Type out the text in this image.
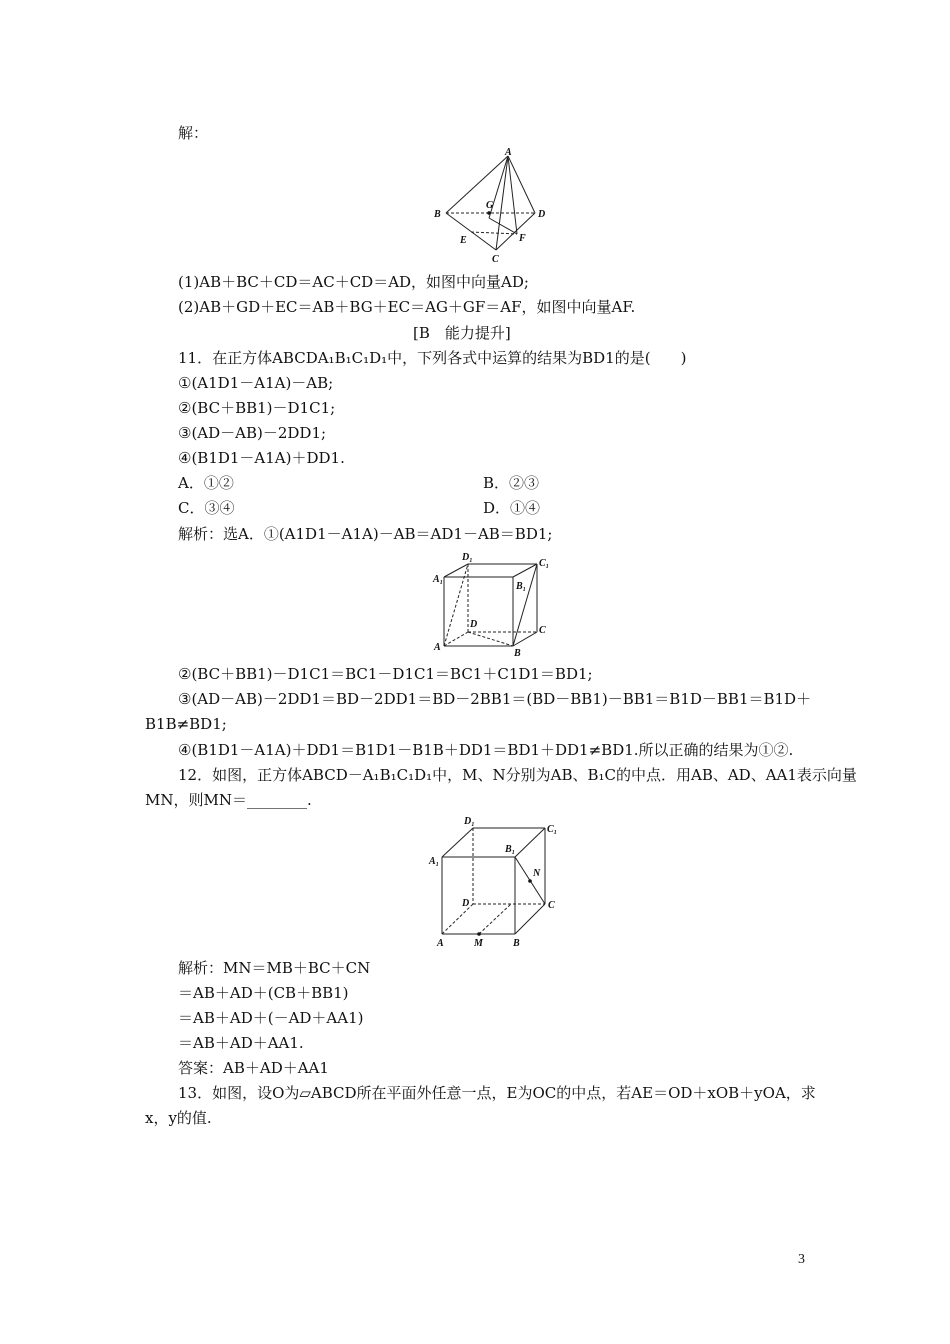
解：
A
B	D
C
E	F
G
(1)AB＋BC＋CD＝AC＋CD＝AD，如图中向量AD;
(2)AB＋GD＋EC＝AB＋BG＋EC＝AG＋GF＝AF，如图中向量AF.
[B　能力提升]
11．在正方体ABCDA₁B₁C₁D₁中，下列各式中运算的结果为BD1的是(　　)
①(A1D1－A1A)－AB;
②(BC＋BB1)－D1C1;
③(AD－AB)－2DD1;
④(B1D1－A1A)＋DD1.
A．①②	B．②③
C．③④	D．①④
解析：选A．①(A1D1－A1A)－AB＝AD1－AB＝BD1;
D₁
C₁
A₁
B₁
D
C
A
B
②(BC＋BB1)－D1C1＝BC1－D1C1＝BC1＋C1D1＝BD1;
③(AD－AB)－2DD1＝BD－2DD1＝BD－2BB1＝(BD－BB1)－BB1＝B1D－BB1＝B1D＋
B1B≠BD1;
④(B1D1－A1A)＋DD1＝B1D1－B1B＋DD1＝BD1＋DD1≠BD1.所以正确的结果为①②.
12．如图，正方体ABCD－A₁B₁C₁D₁中，M、N分别为AB、B₁C的中点．用AB、AD、AA1表示向量
MN，则MN＝________.
D₁
C₁
A₁
B₁
N
D	C
A	M	B
解析：MN＝MB＋BC＋CN
＝AB＋AD＋(CB＋BB1)
＝AB＋AD＋(－AD＋AA1)
＝AB＋AD＋AA1.
答案：AB＋AD＋AA1
13．如图，设O为▱ABCD所在平面外任意一点，E为OC的中点，若AE＝OD＋xOB＋yOA，求
x，y的值.
3
